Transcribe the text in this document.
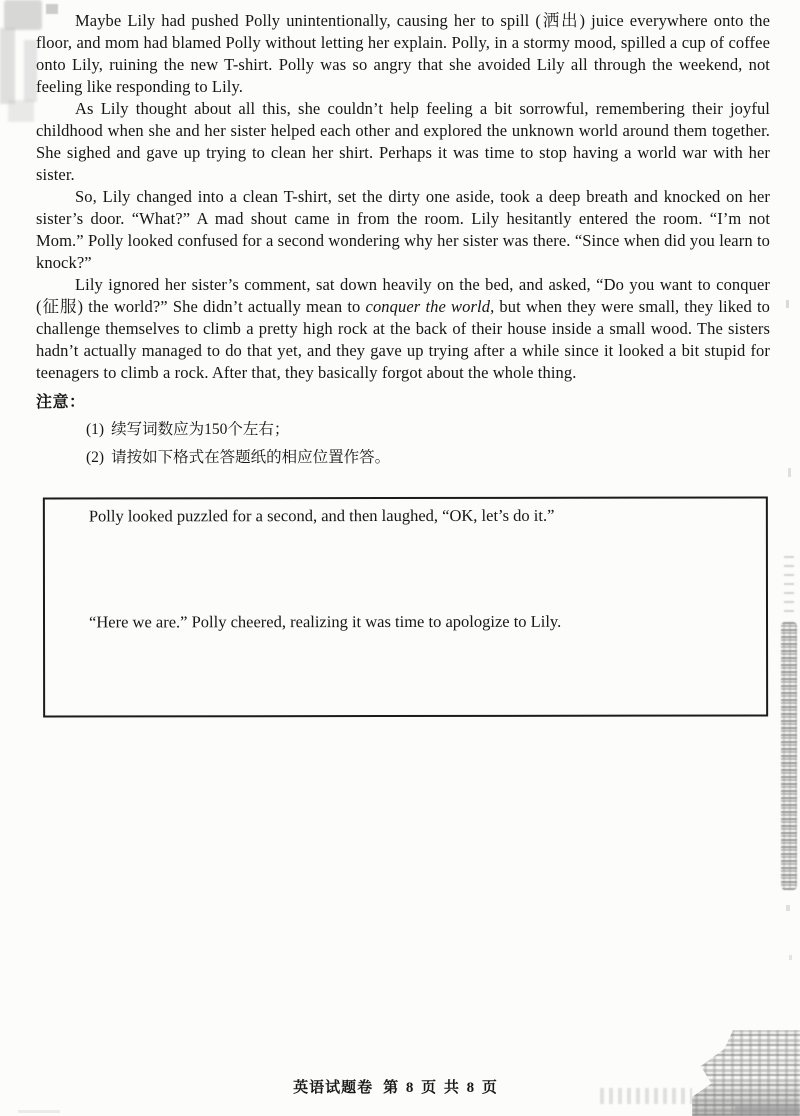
Maybe Lily had pushed Polly unintentionally, causing her to spill (洒出) juice everywhere onto the floor, and mom had blamed Polly without letting her explain. Polly, in a stormy mood, spilled a cup of coffee onto Lily, ruining the new T-shirt. Polly was so angry that she avoided Lily all through the weekend, not feeling like responding to Lily.

As Lily thought about all this, she couldn’t help feeling a bit sorrowful, remembering their joyful childhood when she and her sister helped each other and explored the unknown world around them together. She sighed and gave up trying to clean her shirt. Perhaps it was time to stop having a world war with her sister.

So, Lily changed into a clean T-shirt, set the dirty one aside, took a deep breath and knocked on her sister’s door. “What?” A mad shout came in from the room. Lily hesitantly entered the room. “I’m not Mom.” Polly looked confused for a second wondering why her sister was there. “Since when did you learn to knock?”

Lily ignored her sister’s comment, sat down heavily on the bed, and asked, “Do you want to conquer (征服) the world?” She didn’t actually mean to conquer the world, but when they were small, they liked to challenge themselves to climb a pretty high rock at the back of their house inside a small wood. The sisters hadn’t actually managed to do that yet, and they gave up trying after a while since it looked a bit stupid for teenagers to climb a rock. After that, they basically forgot about the whole thing.

注意：
(1) 续写词数应为150个左右；
(2) 请按如下格式在答题纸的相应位置作答。
Polly looked puzzled for a second, and then laughed, “OK, let’s do it.”
“Here we are.” Polly cheered, realizing it was time to apologize to Lily.
英语试题卷 第 8 页 共 8 页
